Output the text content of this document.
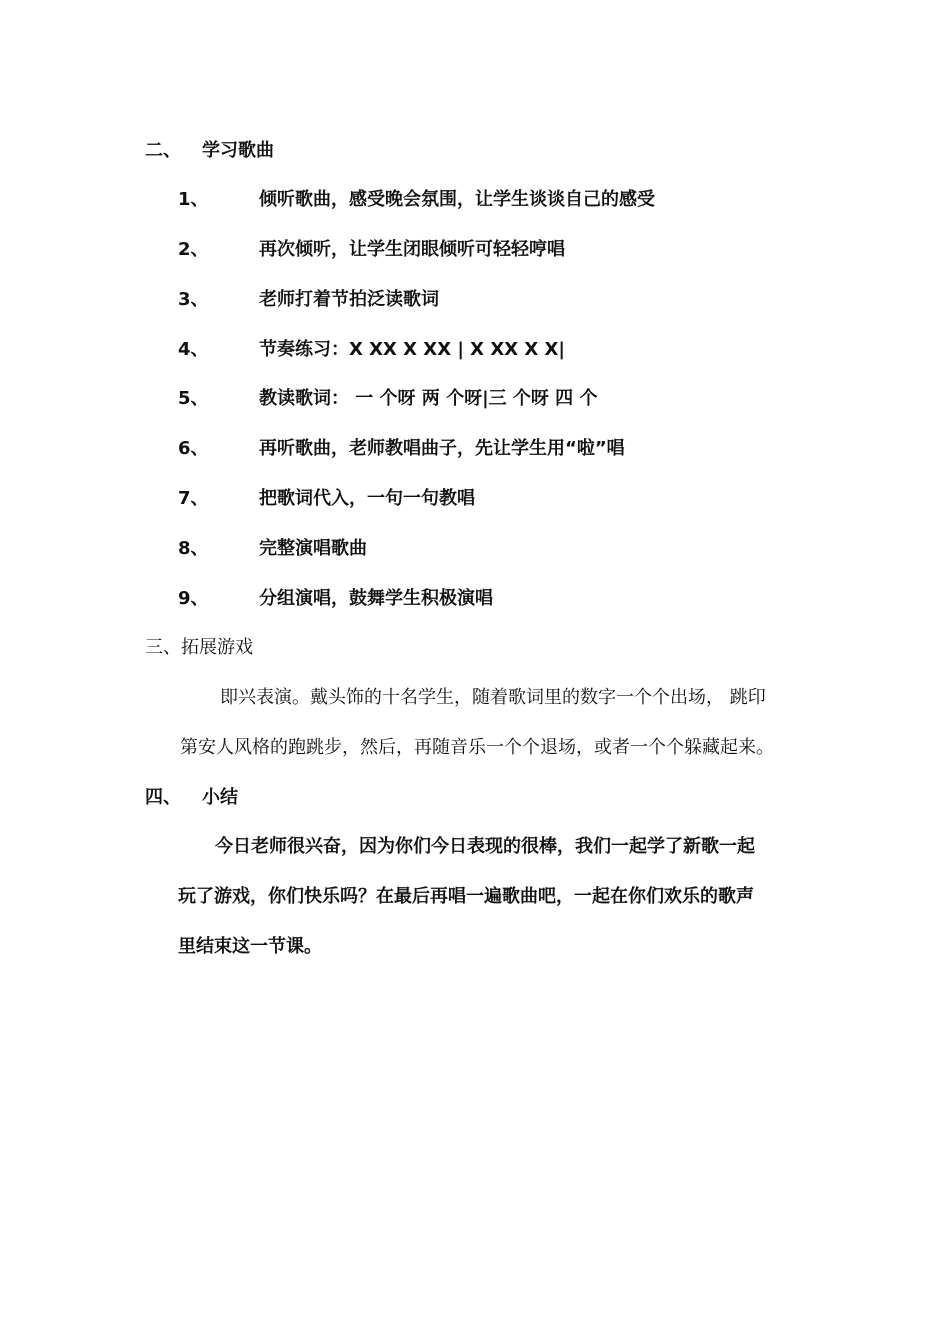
二、 学习歌曲
1、	倾听歌曲，感受晚会氛围，让学生谈谈自己的感受
2、	再次倾听，让学生闭眼倾听可轻轻哼唱
3、	老师打着节拍泛读歌词
4、	节奏练习：X XX X XX | X XX X X|
5、	教读歌词： 一 个呀 两 个呀|三 个呀 四 个
6、	再听歌曲，老师教唱曲子，先让学生用“啦”唱
7、	把歌词代入，一句一句教唱
8、	完整演唱歌曲
9、	分组演唱，鼓舞学生积极演唱
三、拓展游戏
即兴表演。戴头饰的十名学生，随着歌词里的数字一个个出场， 跳印
第安人风格的跑跳步，然后，再随音乐一个个退场，或者一个个躲藏起来。
四、 小结
今日老师很兴奋，因为你们今日表现的很棒，我们一起学了新歌一起
玩了游戏，你们快乐吗？在最后再唱一遍歌曲吧，一起在你们欢乐的歌声
里结束这一节课。
